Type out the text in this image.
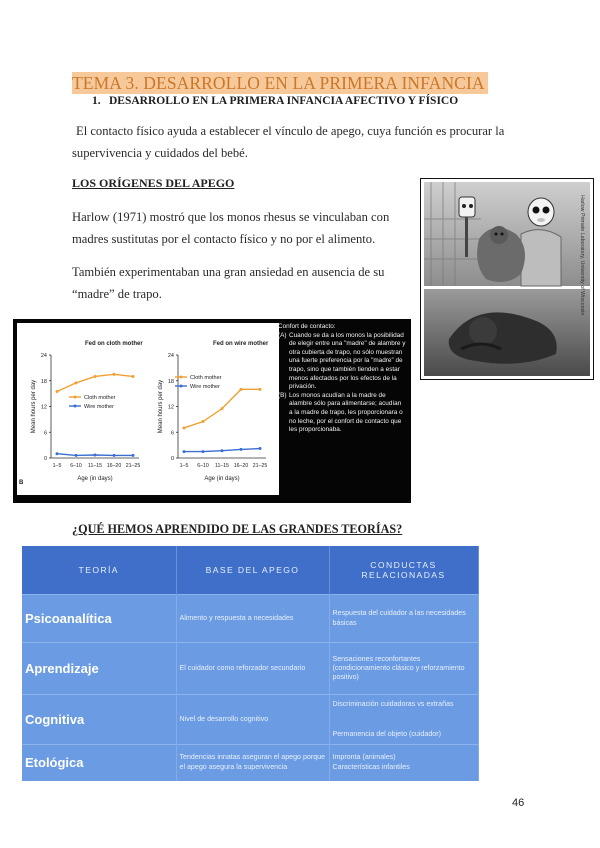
TEMA 3. DESARROLLO EN LA PRIMERA INFANCIA
1. DESARROLLO EN LA PRIMERA INFANCIA AFECTIVO Y FÍSICO
El contacto físico ayuda a establecer el vínculo de apego, cuya función es procurar la supervivencia y cuidados del bebé.
LOS ORÍGENES DEL APEGO
Harlow (1971) mostró que los monos rhesus se vinculaban con madres sustitutas por el contacto físico y no por el alimento.
También experimentaban una gran ansiedad en ausencia de su “madre” de trapo.	Harlow Primate Laboratory, University of Wisconsin
Fed on cloth mother
0
6
12
18
24
1–5 6–10 11–15 16–20 21–25
Age (in days)
Mean hours per day	Cloth mother
Wire mother
Fed on wire mother
0
6
12
18
24
1–5 6–10 11–15 16–20 21–25
Age (in days)
Mean hours per day
Cloth mother
Wire mother
B
Confort de contacto:
(A) Cuando se da a los monos la posibilidad de elegir entre una "madre" de alambre y otra cubierta de trapo, no sólo muestran una fuerte preferencia por la "madre" de trapo, sino que también tienden a estar menos afectados por los efectos de la privación.
(B) Los monos acudían a la madre de alambre sólo para alimentarse; acudían a la madre de trapo, les proporcionara o no leche, por el confort de contacto que les proporcionaba.
¿QUÉ HEMOS APRENDIDO DE LAS GRANDES TEORÍAS?
TEORÍA	BASE DEL APEGO	CONDUCTAS RELACIONADAS
Psicoanalítica	Alimento y respuesta a necesidades	Respuesta del cuidador a las necesidades básicas
Aprendizaje	El cuidador como reforzador secundario	Sensaciones reconfortantes (condicionamiento clásico y reforzamiento positivo)
Cognitiva	Nivel de desarrollo cognitivo	Discriminación cuidadoras vs extrañas
Permanencia del objeto (cuidador)

Etológica	Tendencias innatas aseguran el apego porque el apego asegura la supervivencia	Impronta (animales)
Características infantiles
46
